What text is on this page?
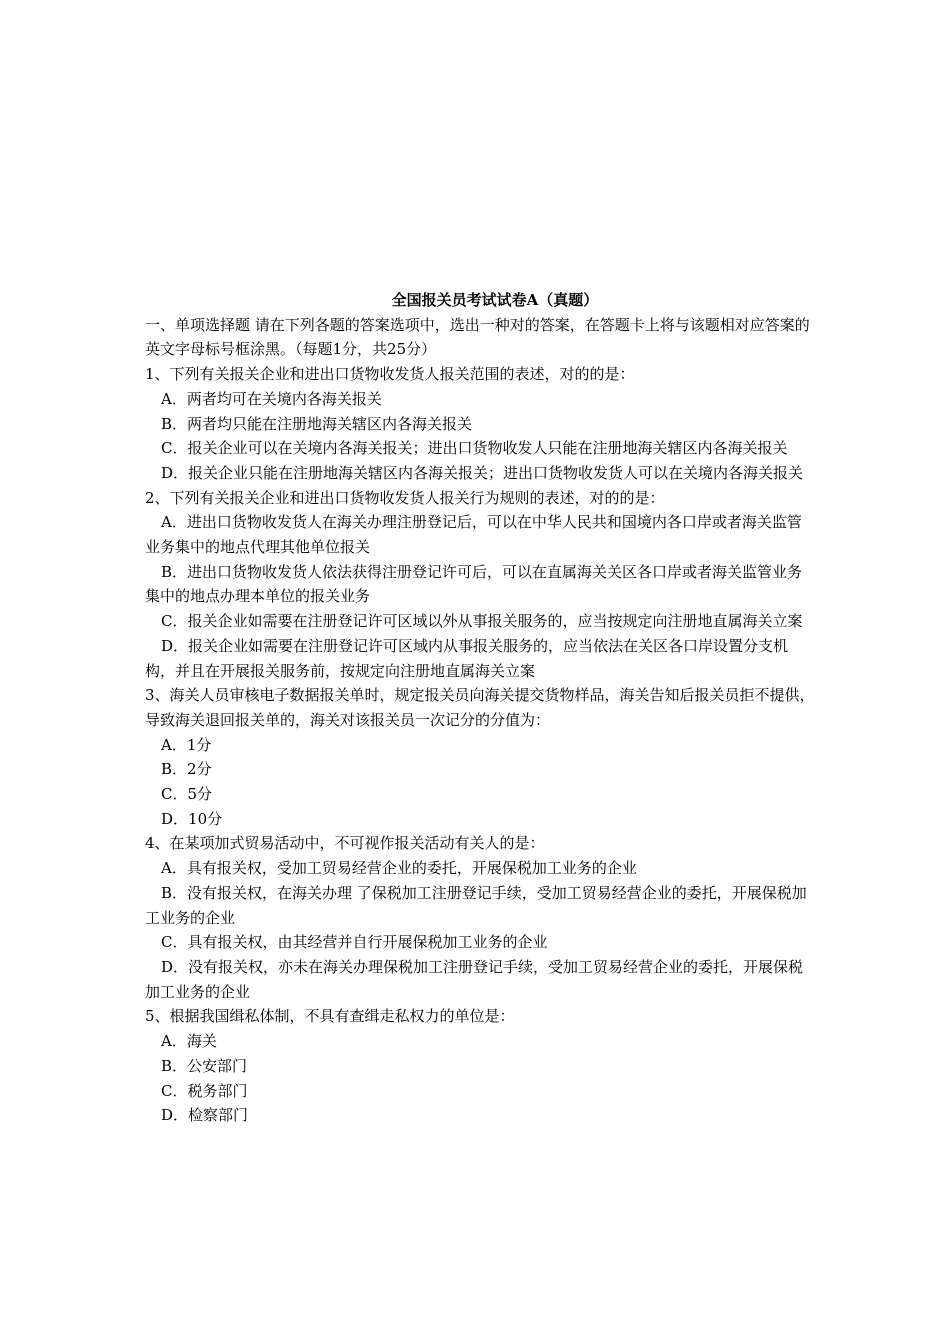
全国报关员考试试卷A（真题）
一、单项选择题 请在下列各题的答案选项中，选出一种对的答案，在答题卡上将与该题相对应答案的英文字母标号框涂黑。（每题1分，共25分）
1、下列有关报关企业和进出口货物收发货人报关范围的表述，对的的是：
A．两者均可在关境内各海关报关
B．两者均只能在注册地海关辖区内各海关报关
C．报关企业可以在关境内各海关报关；进出口货物收发人只能在注册地海关辖区内各海关报关
D．报关企业只能在注册地海关辖区内各海关报关；进出口货物收发货人可以在关境内各海关报关
2、下列有关报关企业和进出口货物收发货人报关行为规则的表述，对的的是：
A．进出口货物收发货人在海关办理注册登记后，可以在中华人民共和国境内各口岸或者海关监管业务集中的地点代理其他单位报关
B．进出口货物收发货人依法获得注册登记许可后，可以在直属海关关区各口岸或者海关监管业务集中的地点办理本单位的报关业务
C．报关企业如需要在注册登记许可区域以外从事报关服务的，应当按规定向注册地直属海关立案
D．报关企业如需要在注册登记许可区域内从事报关服务的，应当依法在关区各口岸设置分支机构，并且在开展报关服务前，按规定向注册地直属海关立案
3、海关人员审核电子数据报关单时，规定报关员向海关提交货物样品，海关告知后报关员拒不提供，导致海关退回报关单的，海关对该报关员一次记分的分值为：
A．1分
B．2分
C．5分
D．10分
4、在某项加式贸易活动中，不可视作报关活动有关人的是：
A．具有报关权，受加工贸易经营企业的委托，开展保税加工业务的企业
B．没有报关权，在海关办理 了保税加工注册登记手续，受加工贸易经营企业的委托，开展保税加工业务的企业
C．具有报关权，由其经营并自行开展保税加工业务的企业
D．没有报关权，亦未在海关办理保税加工注册登记手续，受加工贸易经营企业的委托，开展保税加工业务的企业
5、根据我国缉私体制，不具有查缉走私权力的单位是：
A．海关
B．公安部门
C．税务部门
D．检察部门
